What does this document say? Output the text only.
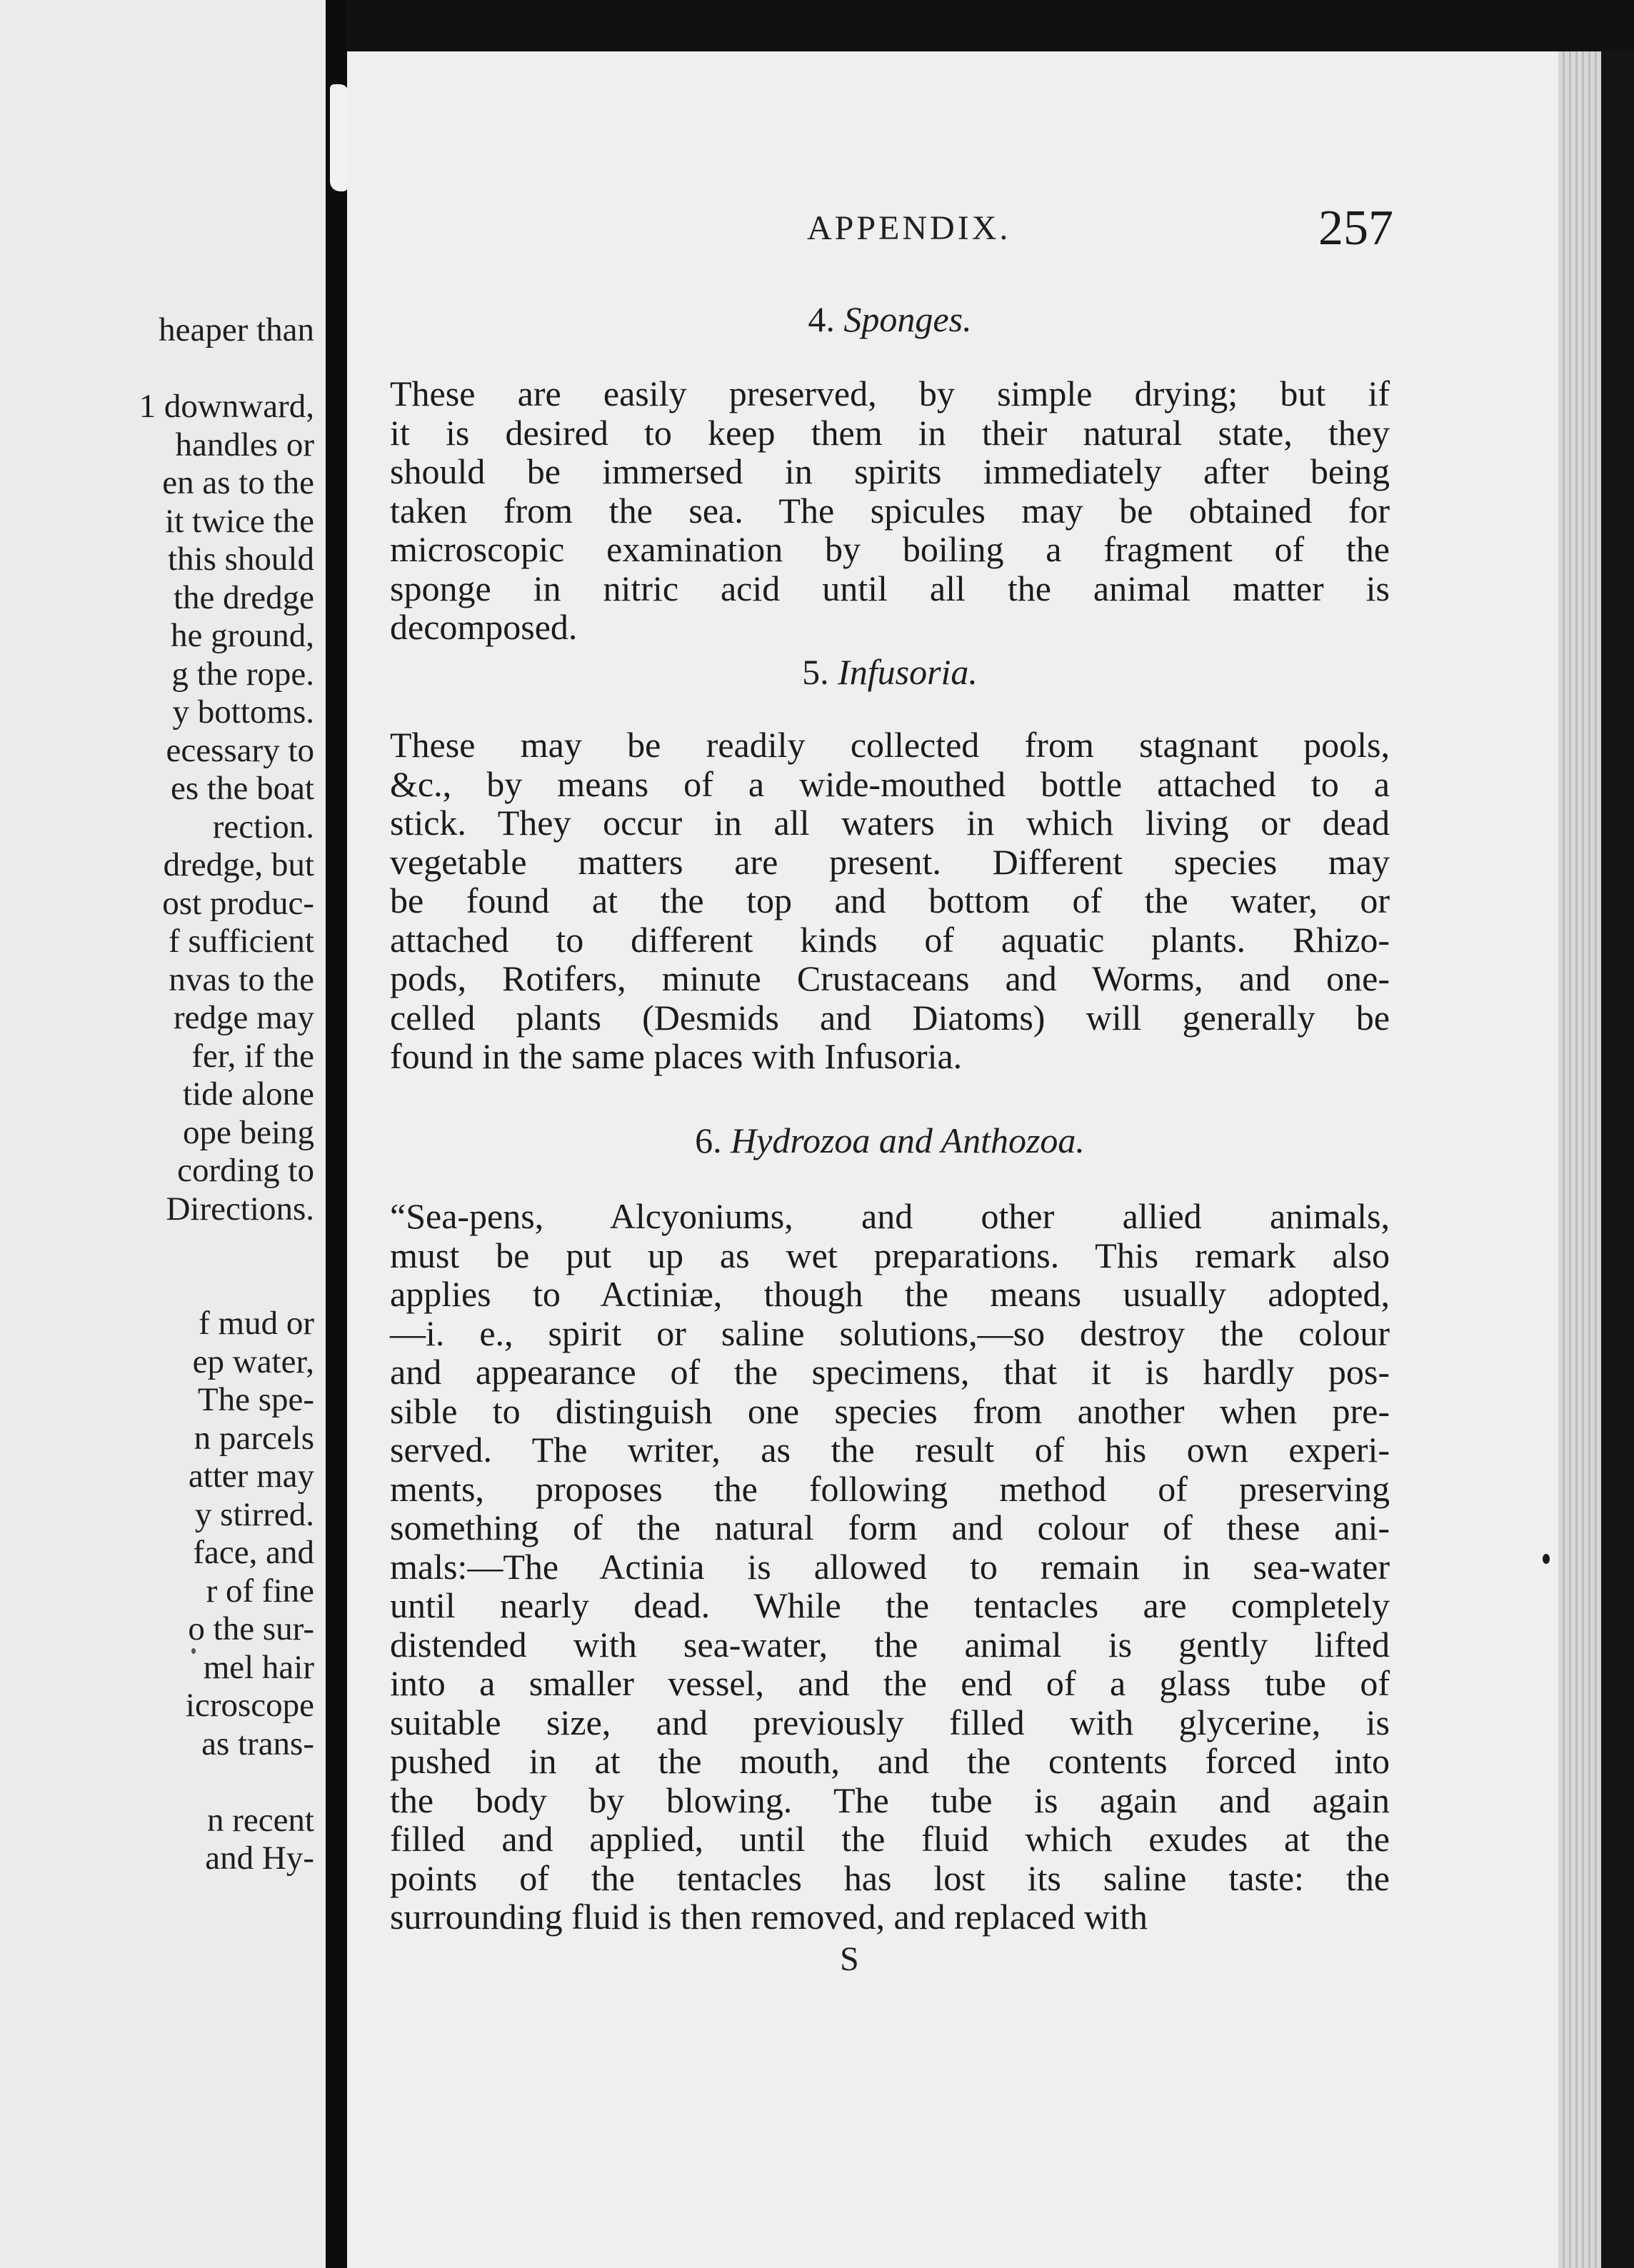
heaper than
1 downward,
handles or
en as to the
it twice the
this should
the dredge
he ground,
g the rope.
y bottoms.
ecessary to
es the boat
rection.
dredge, but
ost produc-
f sufficient
nvas to the
redge may
fer, if the
tide alone
ope being
cording to
Directions.
f mud or
ep water,
The spe-
n parcels
atter may
y stirred.
face, and
r of fine
o the sur-
mel hair
icroscope
as trans-
n recent
and Hy-
APPENDIX.	257
4. Sponges.
These are easily preserved, by simple drying; but if
it is desired to keep them in their natural state, they
should be immersed in spirits immediately after being
taken from the sea. The spicules may be obtained for
microscopic examination by boiling a fragment of the
sponge in nitric acid until all the animal matter is
decomposed.
5. Infusoria.
These may be readily collected from stagnant pools,
&c., by means of a wide-mouthed bottle attached to a
stick. They occur in all waters in which living or dead
vegetable matters are present. Different species may
be found at the top and bottom of the water, or
attached to different kinds of aquatic plants. Rhizo-
pods, Rotifers, minute Crustaceans and Worms, and one-
celled plants (Desmids and Diatoms) will generally be
found in the same places with Infusoria.
6. Hydrozoa and Anthozoa.
“Sea-pens, Alcyoniums, and other allied animals,
must be put up as wet preparations. This remark also
applies to Actiniæ, though the means usually adopted,
—i. e., spirit or saline solutions,—so destroy the colour
and appearance of the specimens, that it is hardly pos-
sible to distinguish one species from another when pre-
served. The writer, as the result of his own experi-
ments, proposes the following method of preserving
something of the natural form and colour of these ani-
mals:—The Actinia is allowed to remain in sea-water
until nearly dead. While the tentacles are completely
distended with sea-water, the animal is gently lifted
into a smaller vessel, and the end of a glass tube of
suitable size, and previously filled with glycerine, is
pushed in at the mouth, and the contents forced into
the body by blowing. The tube is again and again
filled and applied, until the fluid which exudes at the
points of the tentacles has lost its saline taste: the
surrounding fluid is then removed, and replaced with
S
